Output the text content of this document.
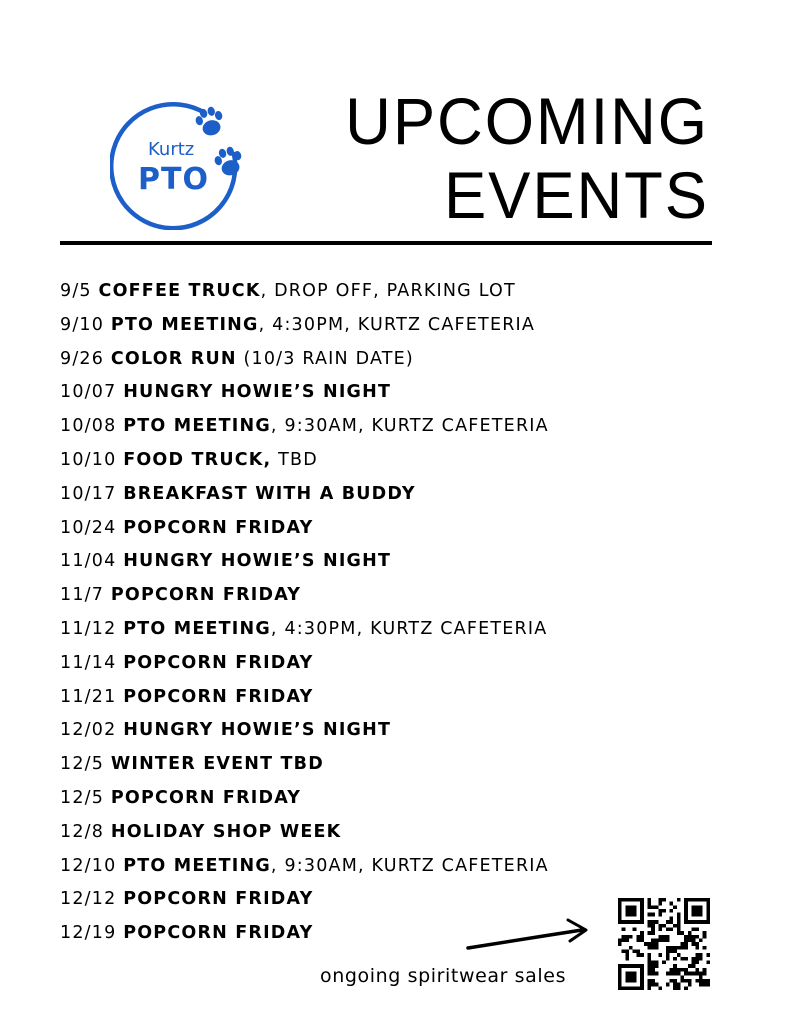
Kurtz
PTO
UPCOMING
EVENTS
9/5 COFFEE TRUCK, DROP OFF, PARKING LOT
9/10 PTO MEETING, 4:30PM, KURTZ CAFETERIA
9/26 COLOR RUN (10/3 RAIN DATE)
10/07 HUNGRY HOWIE’S NIGHT
10/08 PTO MEETING, 9:30AM, KURTZ CAFETERIA
10/10 FOOD TRUCK, TBD
10/17 BREAKFAST WITH A BUDDY
10/24 POPCORN FRIDAY
11/04 HUNGRY HOWIE’S NIGHT
11/7 POPCORN FRIDAY
11/12 PTO MEETING, 4:30PM, KURTZ CAFETERIA
11/14 POPCORN FRIDAY
11/21 POPCORN FRIDAY
12/02 HUNGRY HOWIE’S NIGHT
12/5 WINTER EVENT TBD
12/5 POPCORN FRIDAY
12/8 HOLIDAY SHOP WEEK
12/10 PTO MEETING, 9:30AM, KURTZ CAFETERIA
12/12 POPCORN FRIDAY
12/19 POPCORN FRIDAY
ongoing spiritwear sales
